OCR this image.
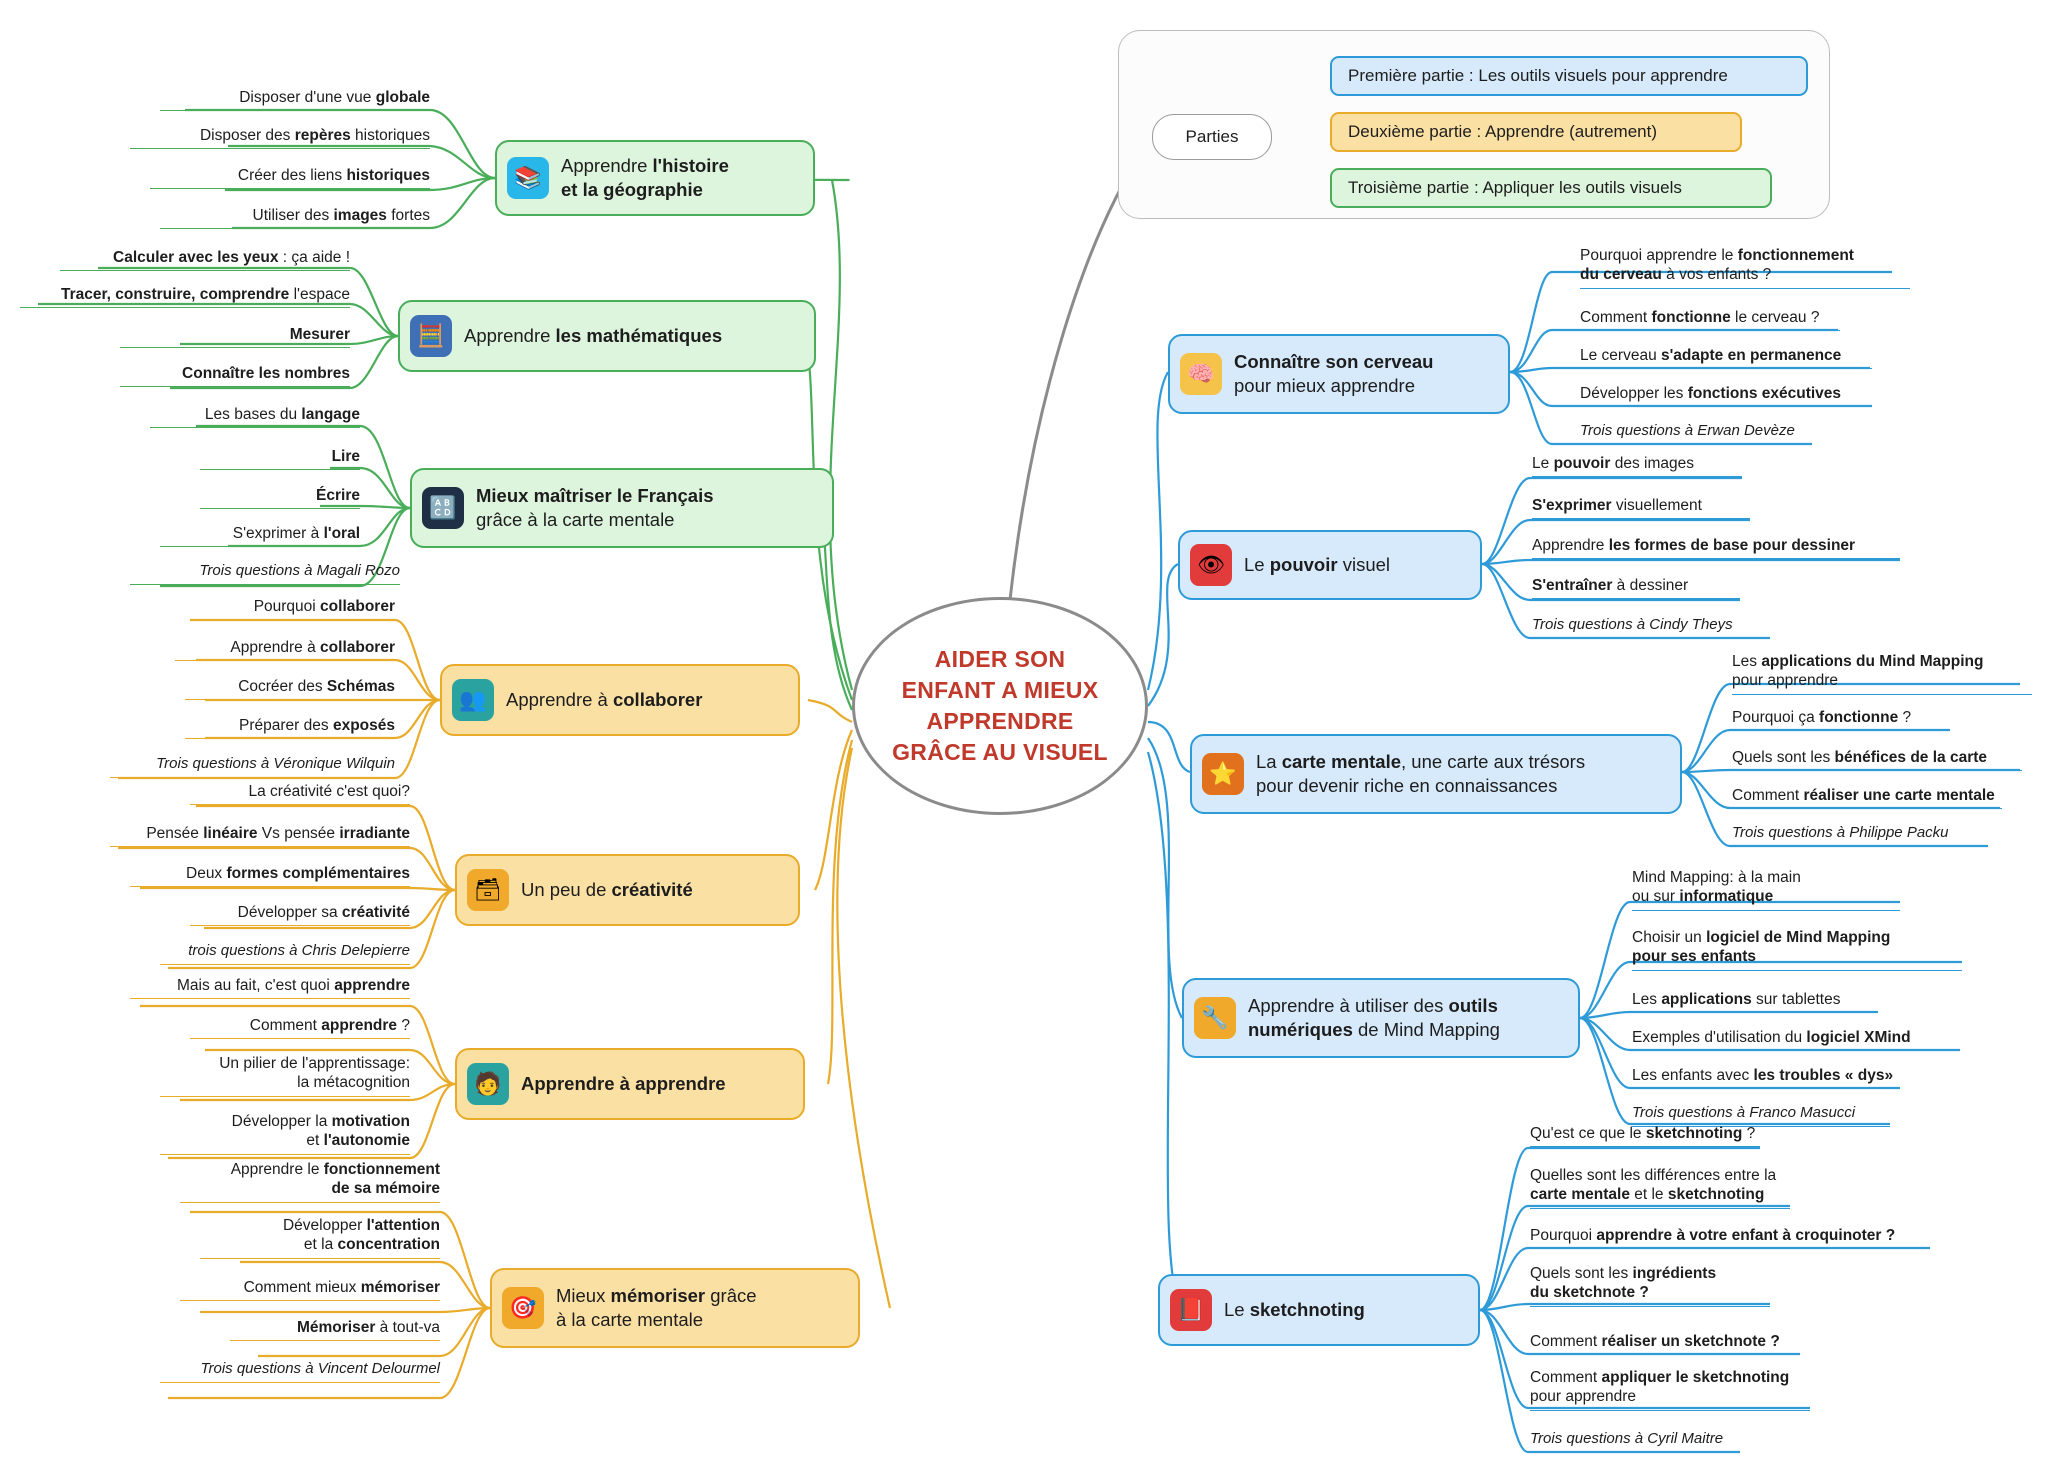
AIDER SON
ENFANT A MIEUX
APPRENDRE
GRÂCE AU VISUEL
Parties
Première partie : Les outils visuels pour apprendre
Deuxième partie : Apprendre (autrement)
Troisième partie : Appliquer les outils visuels
📚	Apprendre l'histoire
et la géographie
Disposer d'une vue globale
Disposer des repères historiques
Créer des liens historiques
Utiliser des images fortes
🧮	Apprendre les mathématiques
Calculer avec les yeux : ça aide !
Tracer, construire, comprendre l'espace
Mesurer
Connaître les nombres
🔠	Mieux maîtriser le Français
grâce à la carte mentale
Les bases du langage
Lire
Écrire
S'exprimer à l'oral
Trois questions à Magali Rozo
👥	Apprendre à collaborer
Pourquoi collaborer
Apprendre à collaborer
Cocréer des Schémas
Préparer des exposés
Trois questions à Véronique Wilquin
🗃	Un peu de créativité
La créativité c'est quoi?
Pensée linéaire Vs pensée irradiante
Deux formes complémentaires
Développer sa créativité
trois questions à Chris Delepierre
🧑	Apprendre à apprendre
Mais au fait, c'est quoi apprendre
Comment apprendre ?
Un pilier de l'apprentissage:
la métacognition
Développer la motivation
et l'autonomie
🎯	Mieux mémoriser grâce
à la carte mentale
Apprendre le fonctionnement
de sa mémoire
Développer l'attention
et la concentration
Comment mieux mémoriser
Mémoriser à tout-va
Trois questions à Vincent Delourmel
🧠	Connaître son cerveau
pour mieux apprendre
Pourquoi apprendre le fonctionnement
du cerveau à vos enfants ?
Comment fonctionne le cerveau ?
Le cerveau s'adapte en permanence
Développer les fonctions exécutives
Trois questions à Erwan Devèze
👁	Le pouvoir visuel
Le pouvoir des images
S'exprimer visuellement
Apprendre les formes de base pour dessiner
S'entraîner à dessiner
Trois questions à Cindy Theys
⭐	La carte mentale, une carte aux trésors
pour devenir riche en connaissances
Les applications du Mind Mapping
pour apprendre
Pourquoi ça fonctionne ?
Quels sont les bénéfices de la carte
Comment réaliser une carte mentale
Trois questions à Philippe Packu
🔧	Apprendre à utiliser des outils
numériques de Mind Mapping
Mind Mapping: à la main
ou sur informatique
Choisir un logiciel de Mind Mapping
pour ses enfants
Les applications sur tablettes
Exemples d'utilisation du logiciel XMind
Les enfants avec les troubles « dys»
Trois questions à Franco Masucci
📕	Le sketchnoting
Qu'est ce que le sketchnoting ?
Quelles sont les différences entre la
carte mentale et le sketchnoting
Pourquoi apprendre à votre enfant à croquinoter ?
Quels sont les ingrédients
du sketchnote ?
Comment réaliser un sketchnote ?
Comment appliquer le sketchnoting
pour apprendre
Trois questions à Cyril Maitre
